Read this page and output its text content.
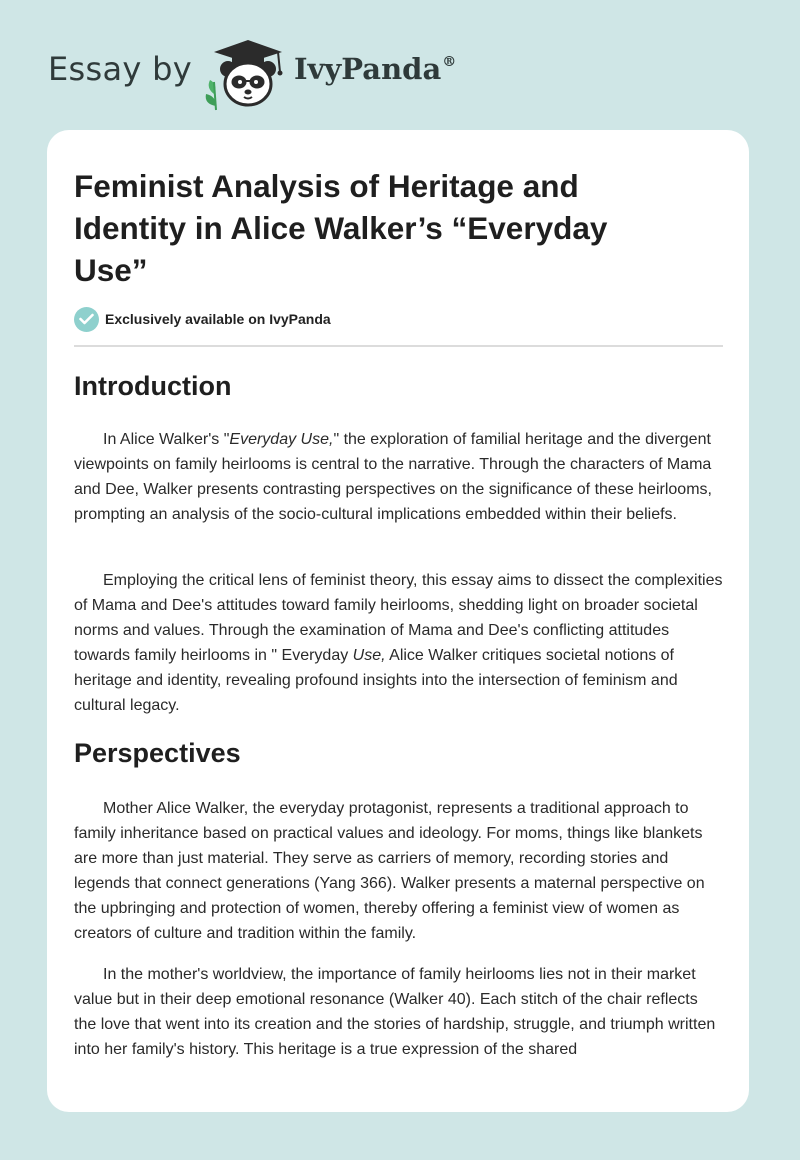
Essay by	IvyPanda®
Feminist Analysis of Heritage and Identity in Alice Walker’s “Everyday Use”
Exclusively available on IvyPanda
Introduction

In Alice Walker's "Everyday Use," the exploration of familial heritage and the divergent viewpoints on family heirlooms is central to the narrative. Through the characters of Mama and Dee, Walker presents contrasting perspectives on the significance of these heirlooms, prompting an analysis of the socio-cultural implications embedded within their beliefs.

Employing the critical lens of feminist theory, this essay aims to dissect the complexities of Mama and Dee's attitudes toward family heirlooms, shedding light on broader societal norms and values. Through the examination of Mama and Dee's conflicting attitudes towards family heirlooms in " Everyday Use, Alice Walker critiques societal notions of heritage and identity, revealing profound insights into the intersection of feminism and cultural legacy.

Perspectives

Mother Alice Walker, the everyday protagonist, represents a traditional approach to family inheritance based on practical values and ideology. For moms, things like blankets are more than just material. They serve as carriers of memory, recording stories and legends that connect generations (Yang 366). Walker presents a maternal perspective on the upbringing and protection of women, thereby offering a feminist view of women as creators of culture and tradition within the family.

In the mother's worldview, the importance of family heirlooms lies not in their market value but in their deep emotional resonance (Walker 40). Each stitch of the chair reflects the love that went into its creation and the stories of hardship, struggle, and triumph written into her family's history. This heritage is a true expression of the shared
